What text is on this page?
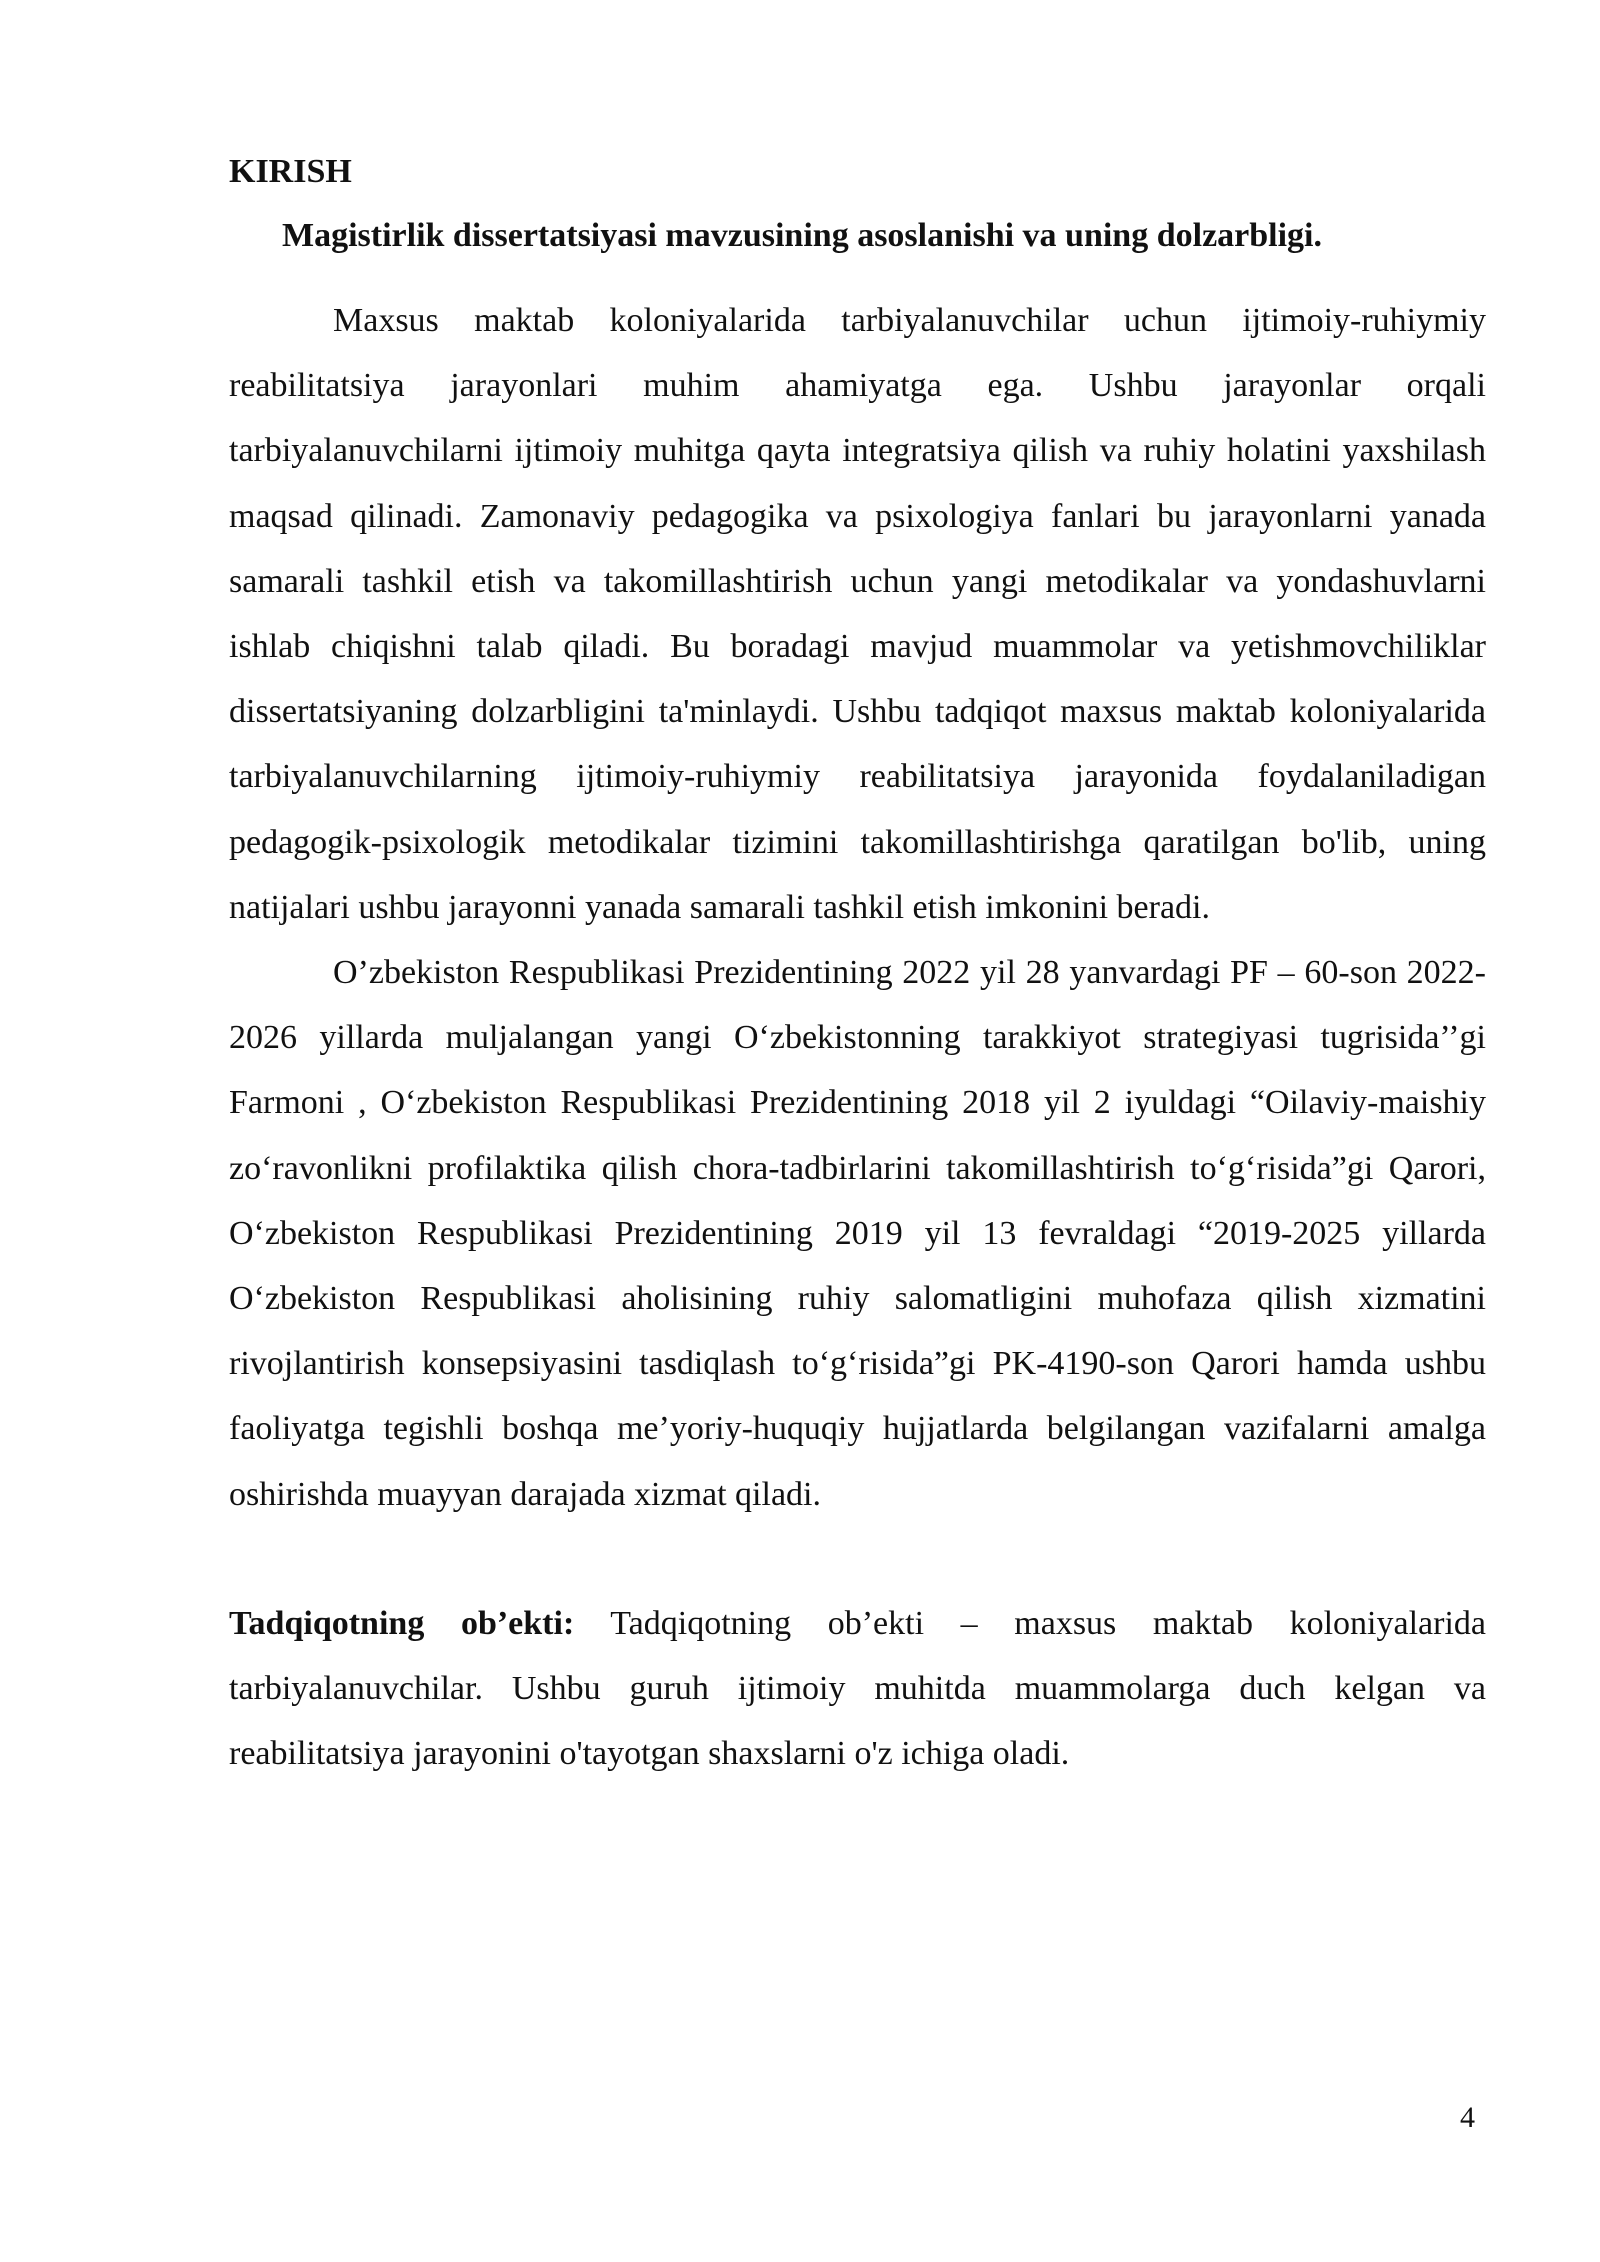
KIRISH

Magistirlik dissertatsiyasi mavzusining asoslanishi va uning dolzarbligi.

Maxsus maktab koloniyalarida tarbiyalanuvchilar uchun ijtimoiy-ruhiymiy reabilitatsiya jarayonlari muhim ahamiyatga ega. Ushbu jarayonlar orqali tarbiyalanuvchilarni ijtimoiy muhitga qayta integratsiya qilish va ruhiy holatini yaxshilash maqsad qilinadi. Zamonaviy pedagogika va psixologiya fanlari bu jarayonlarni yanada samarali tashkil etish va takomillashtirish uchun yangi metodikalar va yondashuvlarni ishlab chiqishni talab qiladi. Bu boradagi mavjud muammolar va yetishmovchiliklar dissertatsiyaning dolzarbligini ta'minlaydi. Ushbu tadqiqot maxsus maktab koloniyalarida tarbiyalanuvchilarning ijtimoiy-ruhiymiy reabilitatsiya jarayonida foydalaniladigan pedagogik-psixologik metodikalar tizimini takomillashtirishga qaratilgan bo'lib, uning natijalari ushbu jarayonni yanada samarali tashkil etish imkonini beradi.

O’zbekiston Respublikasi Prezidentining 2022 yil 28 yanvardagi PF – 60-son 2022-2026 yillarda muljalangan yangi O‘zbekistonning tarakkiyot strategiyasi tugrisida’’gi Farmoni , O‘zbekiston Respublikasi Prezidentining 2018 yil 2 iyuldagi “Oilaviy-maishiy zo‘ravonlikni profilaktika qilish chora-tadbirlarini takomillashtirish to‘g‘risida”gi Qarori, O‘zbekiston Respublikasi Prezidentining 2019 yil 13 fevraldagi “2019-2025 yillarda O‘zbekiston Respublikasi aholisining ruhiy salomatligini muhofaza qilish xizmatini rivojlantirish konsepsiyasini tasdiqlash to‘g‘risida”gi PK-4190-son Qarori hamda ushbu faoliyatga tegishli boshqa me’yoriy-huquqiy hujjatlarda belgilangan vazifalarni amalga oshirishda muayyan darajada xizmat qiladi.

Tadqiqotning ob’ekti: Tadqiqotning ob’ekti – maxsus maktab koloniyalarida tarbiyalanuvchilar. Ushbu guruh ijtimoiy muhitda muammolarga duch kelgan va reabilitatsiya jarayonini o'tayotgan shaxslarni o'z ichiga oladi.

4
